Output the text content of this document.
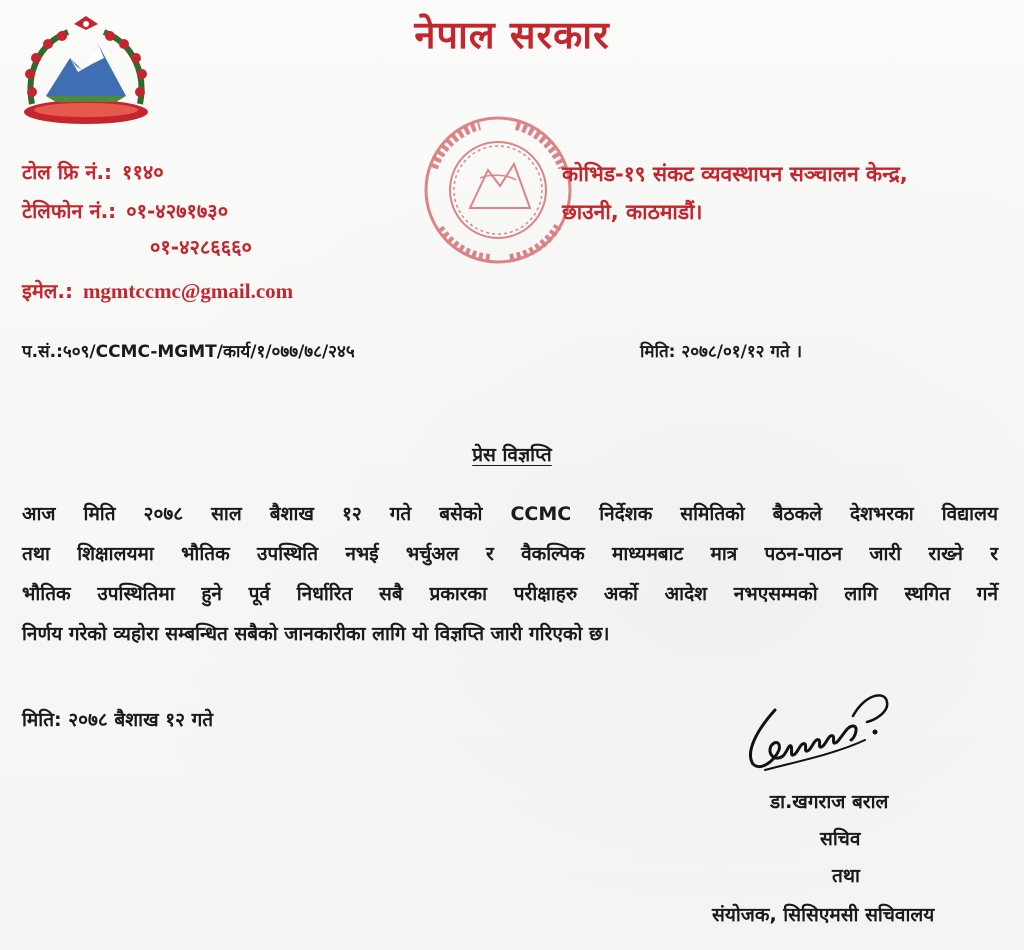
नेपाल सरकार
टोल फ्रि नं.: ११४०
टेलिफोन नं.: ०१-४२७१७३०
०१-४२८६६६०
इमेल.: mgmtccmc@gmail.com
कोभिड-१९ संकट व्यवस्थापन सञ्चालन केन्द्र,
छाउनी, काठमाडौं।
प.सं.:५०९/CCMC-MGMT/कार्य/१/०७७/७८/२४५	मिति: २०७८/०१/१२ गते ।
प्रेस विज्ञप्ति
आज मिति २०७८ साल बैशाख १२ गते बसेको CCMC निर्देशक समितिको बैठकले देशभरका विद्यालय
तथा शिक्षालयमा भौतिक उपस्थिति नभई भर्चुअल र वैकल्पिक माध्यमबाट मात्र पठन-पाठन जारी राख्ने र
भौतिक उपस्थितिमा हुने पूर्व निर्धारित सबै प्रकारका परीक्षाहरु अर्को आदेश नभएसम्मको लागि स्थगित गर्ने
निर्णय गरेको व्यहोरा सम्बन्धित सबैको जानकारीका लागि यो विज्ञप्ति जारी गरिएको छ।
मिति: २०७८ बैशाख १२ गते
डा.खगराज बराल
सचिव
तथा
संयोजक, सिसिएमसी सचिवालय
